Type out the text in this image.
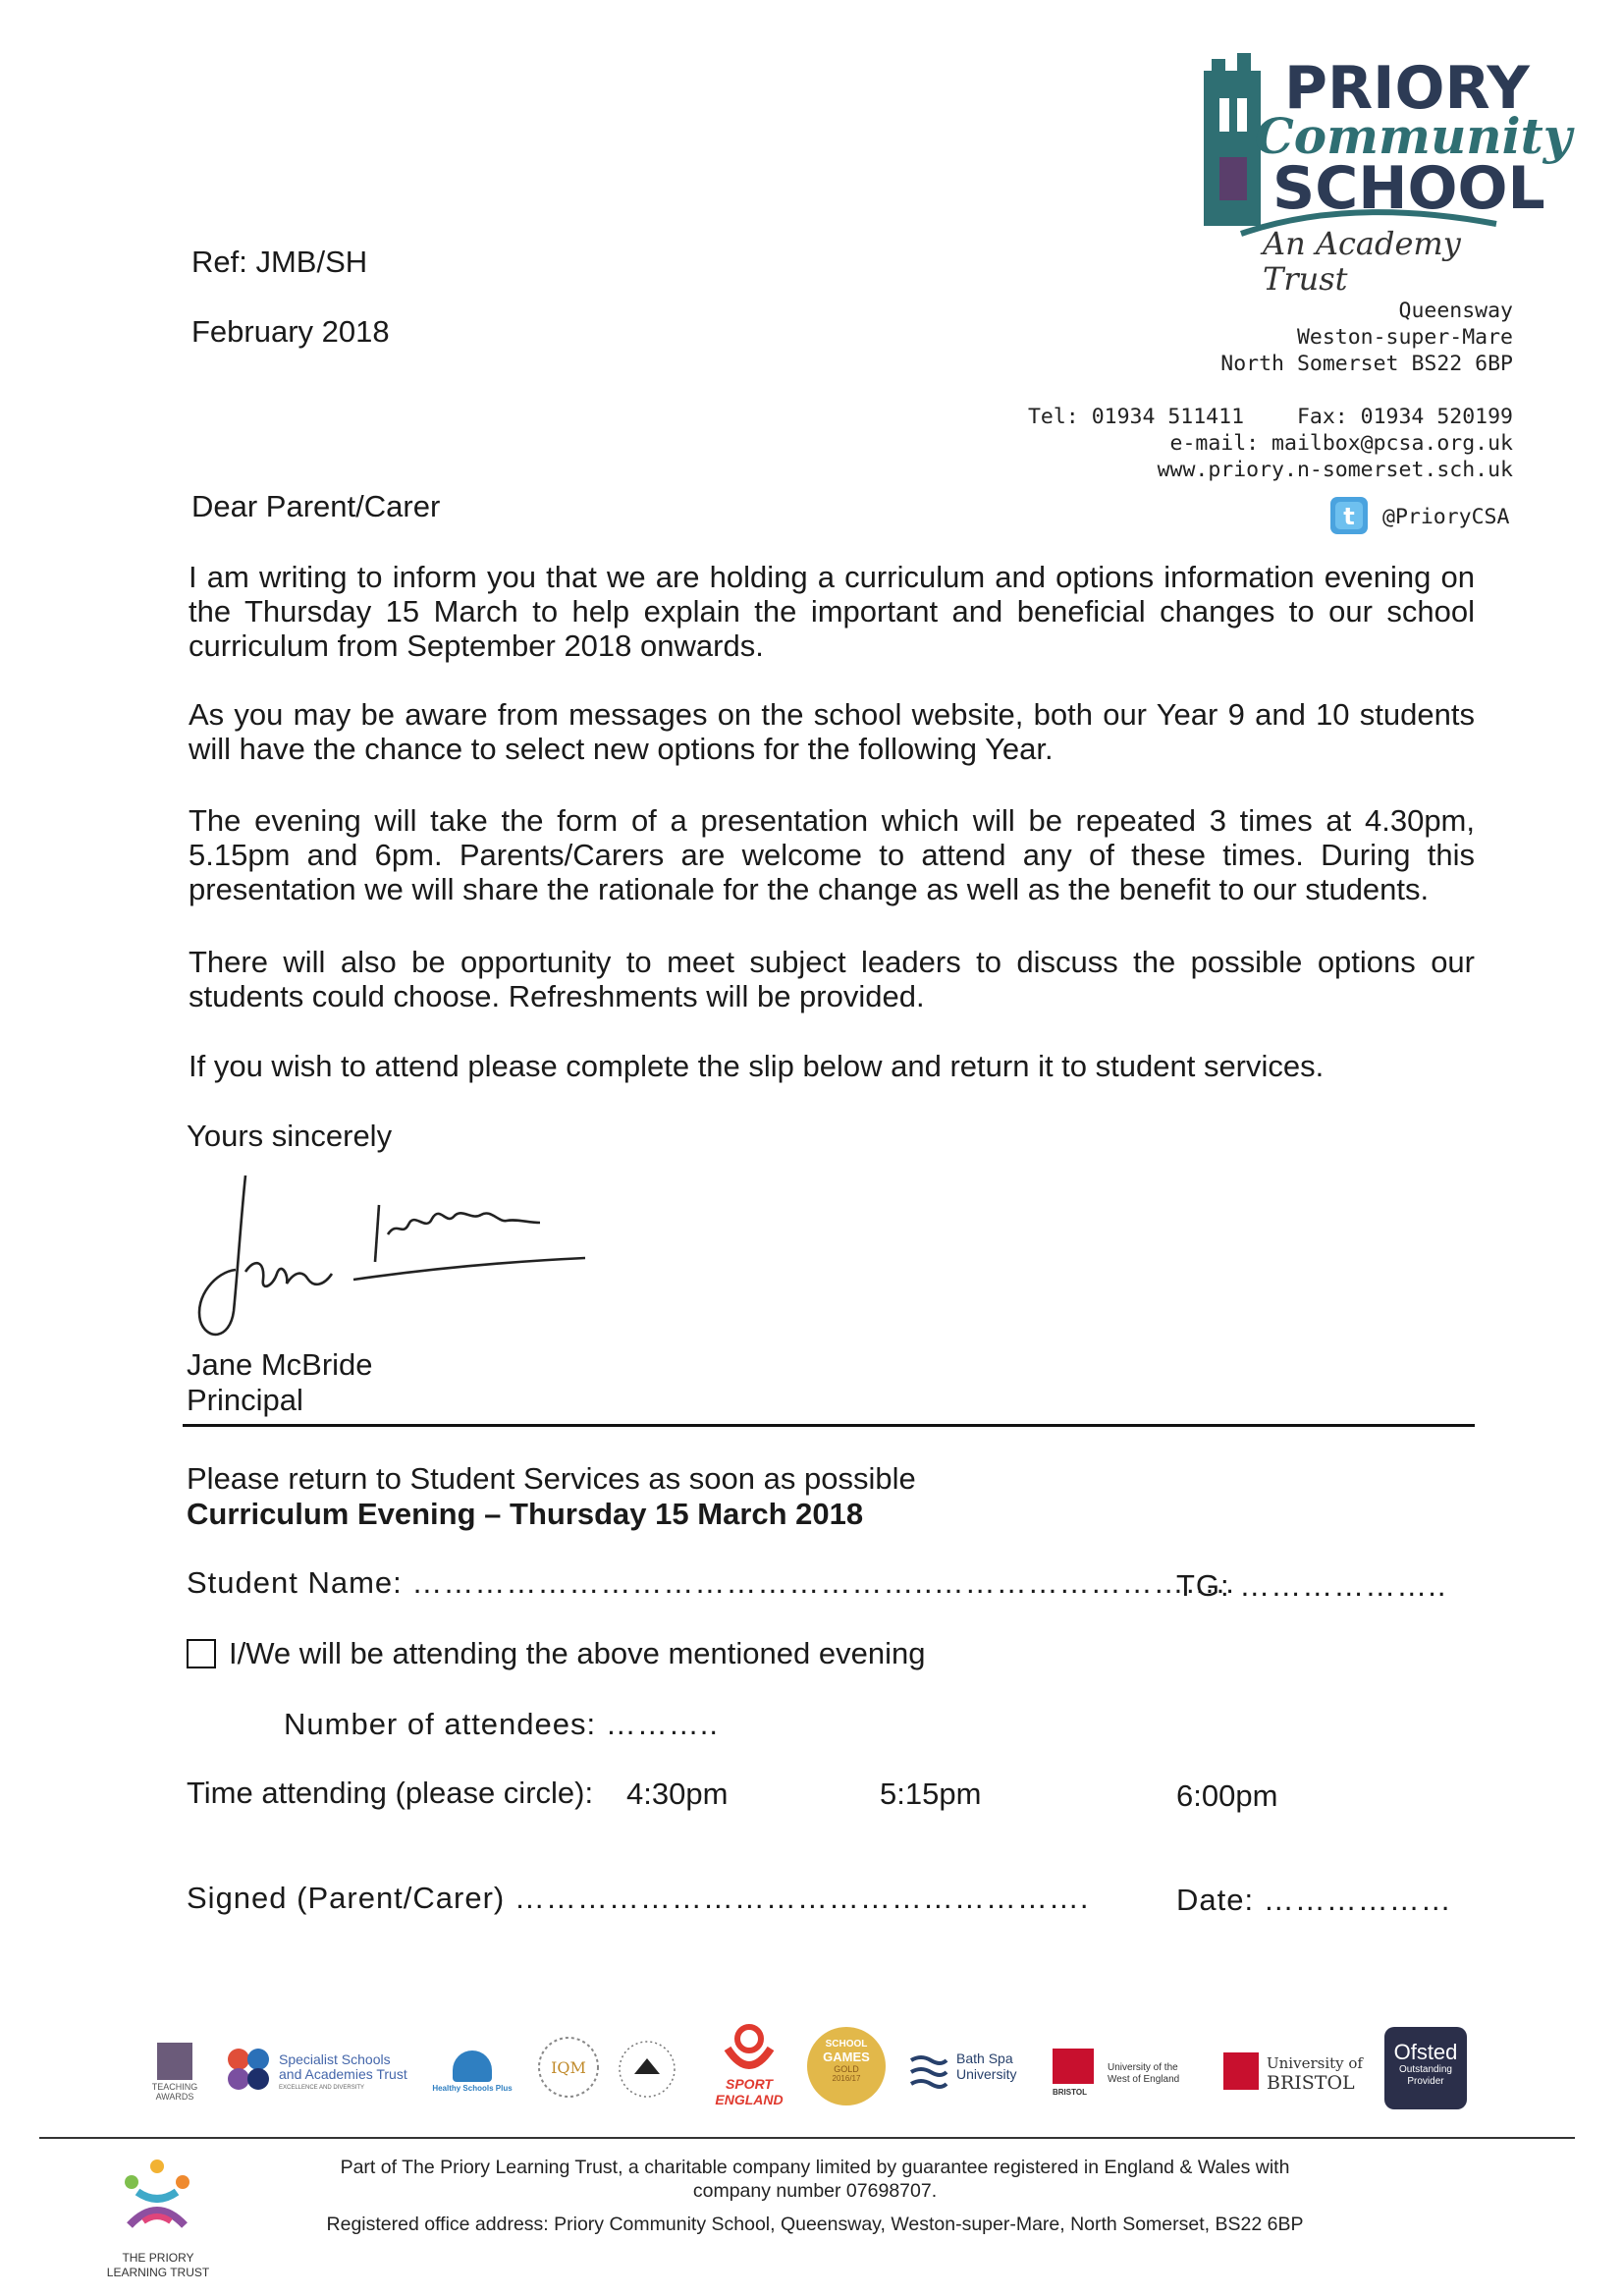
PRIORY
Community
SCHOOL
An Academy Trust
Ref: JMB/SH
February 2018
Queensway
Weston-super-Mare
North Somerset BS22 6BP
Tel: 01934 511411	Fax: 01934 520199
e-mail: mailbox@pcsa.org.uk
www.priory.n-somerset.sch.uk
t @PrioryCSA
Dear Parent/Carer
I am writing to inform you that we are holding a curriculum and options information evening on the Thursday 15 March to help explain the important and beneficial changes to our school curriculum from September 2018 onwards.
As you may be aware from messages on the school website, both our Year 9 and 10 students will have the chance to select new options for the following Year.
The evening will take the form of a presentation which will be repeated 3 times at 4.30pm, 5.15pm and 6pm. Parents/Carers are welcome to attend any of these times. During this presentation we will share the rationale for the change as well as the benefit to our students.
There will also be opportunity to meet subject leaders to discuss the possible options our students could choose. Refreshments will be provided.
If you wish to attend please complete the slip below and return it to student services.
Yours sincerely
Jane McBride
Principal
Please return to Student Services as soon as possible
Curriculum Evening – Thursday 15 March 2018
Student Name: …………………………………………..………………………..
TG: ………………..
I/We will be attending the above mentioned evening
Number of attendees: ………..
Time attending (please circle): 4:30pm	5:15pm	6:00pm
Signed (Parent/Carer) ……………………………………………….	Date: ………………
TEACHING AWARDS
Specialist Schools and Academies Trust
EXCELLENCE AND DIVERSITY	Healthy Schools Plus
IQM
SPORT
ENGLAND
SCHOOL
GAMES
GOLD
2016/17
Bath Spa
University
BRISTOL
University of the
West of England
University of
BRISTOL
Ofsted
Outstanding
Provider
THE PRIORY
LEARNING TRUST
Part of The Priory Learning Trust, a charitable company limited by guarantee registered in England & Wales with
company number 07698707.
Registered office address: Priory Community School, Queensway, Weston-super-Mare, North Somerset, BS22 6BP
